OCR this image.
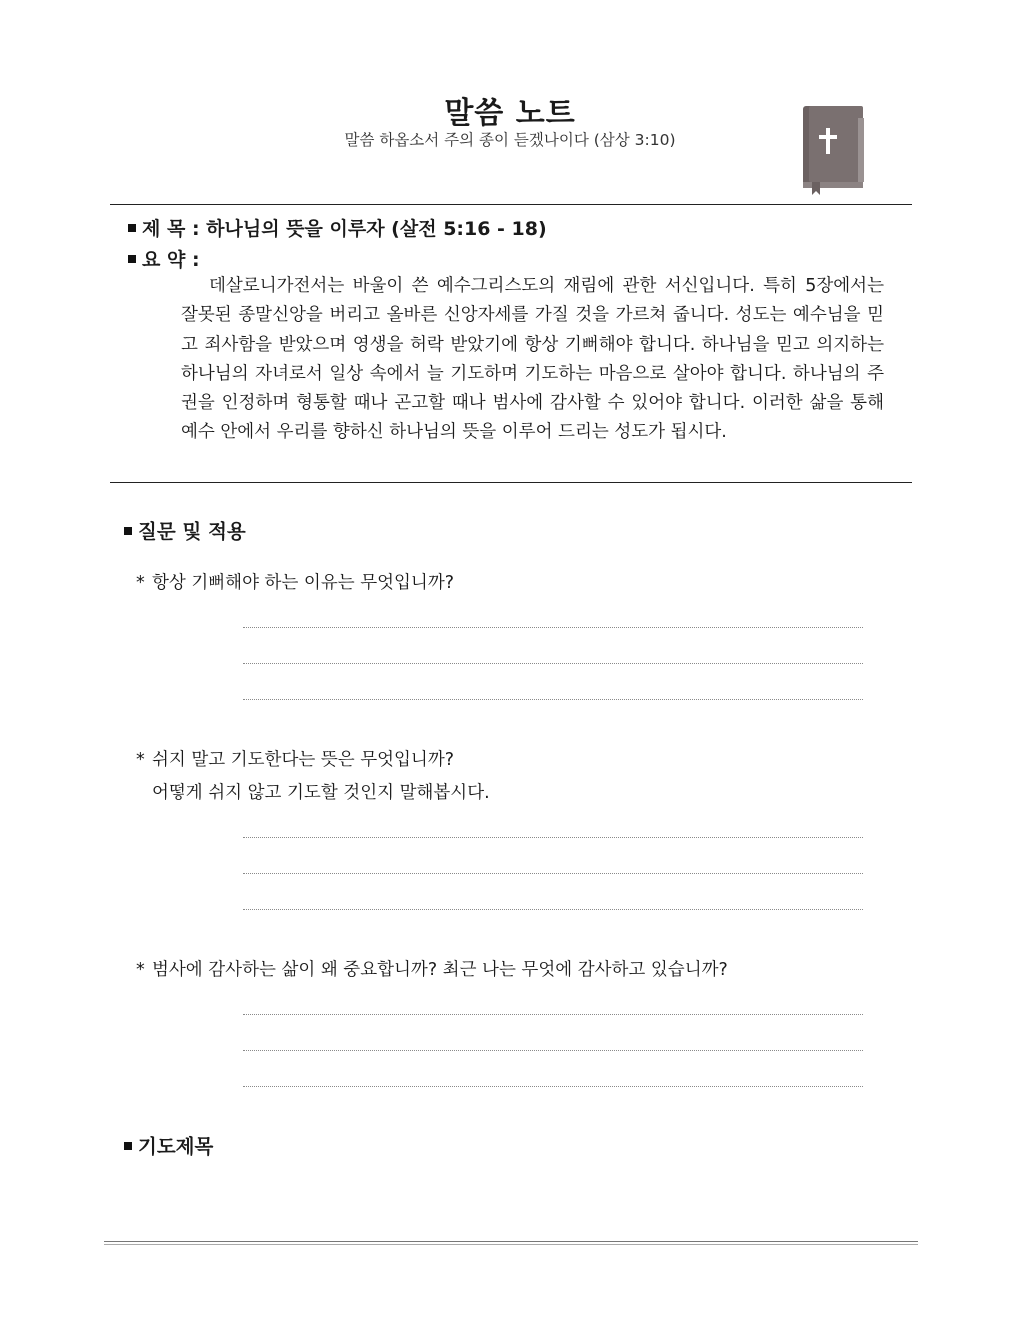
말씀 노트
말씀 하옵소서 주의 종이 듣겠나이다 (삼상 3:10)
제 목 : 하나님의 뜻을 이루자 (살전 5:16 - 18)
요 약 :
데살로니가전서는 바울이 쓴 예수그리스도의 재림에 관한 서신입니다. 특히 5장에서는 잘못된 종말신앙을 버리고 올바른 신앙자세를 가질 것을 가르쳐 줍니다. 성도는 예수님을 믿고 죄사함을 받았으며 영생을 허락 받았기에 항상 기뻐해야 합니다. 하나님을 믿고 의지하는 하나님의 자녀로서 일상 속에서 늘 기도하며 기도하는 마음으로 살아야 합니다. 하나님의 주권을 인정하며 형통할 때나 곤고할 때나 범사에 감사할 수 있어야 합니다. 이러한 삶을 통해 예수 안에서 우리를 향하신 하나님의 뜻을 이루어 드리는 성도가 됩시다.
질문 및 적용
* 항상 기뻐해야 하는 이유는 무엇입니까?
* 쉬지 말고 기도한다는 뜻은 무엇입니까?
어떻게 쉬지 않고 기도할 것인지 말해봅시다.
* 범사에 감사하는 삶이 왜 중요합니까? 최근 나는 무엇에 감사하고 있습니까?
기도제목
